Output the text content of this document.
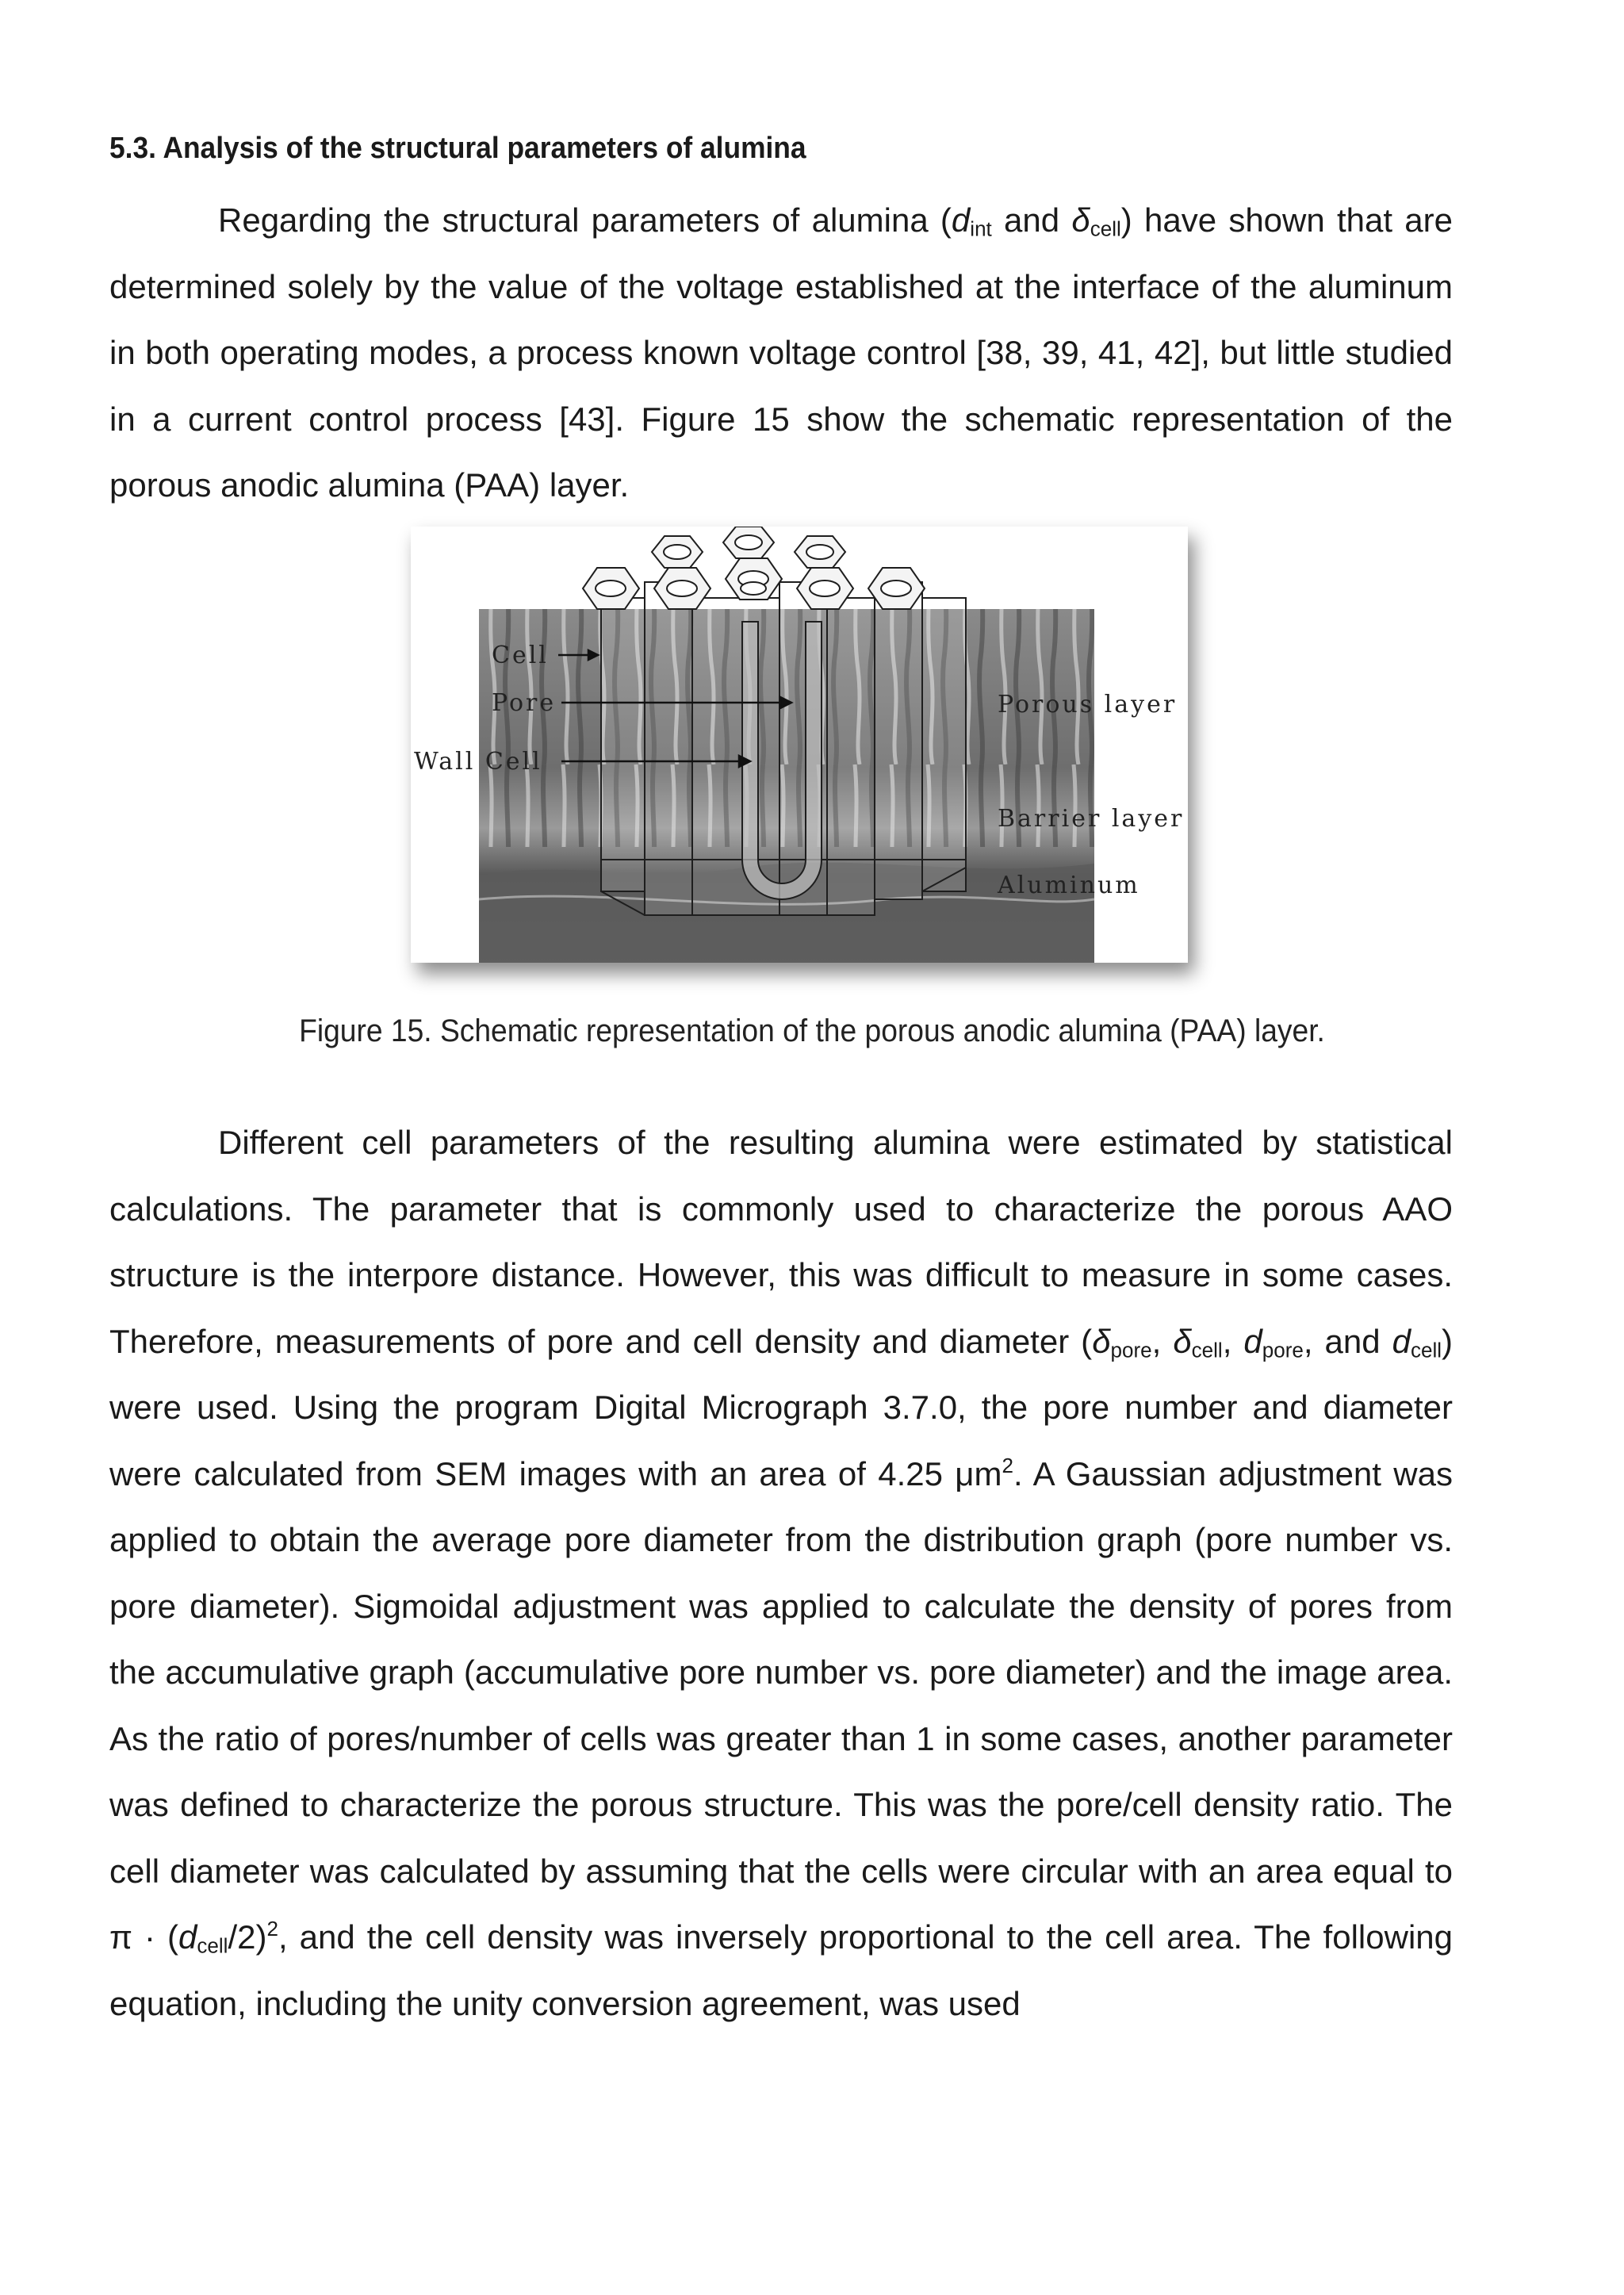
5.3. Analysis of the structural parameters of alumina

Regarding the structural parameters of alumina ($d_{int}$ and $\delta_{cell}$) have shown that are determined solely by the value of the voltage established at the interface of the aluminum in both operating modes, a process known voltage control [38, 39, 41, 42], but little studied in a current control process [43]. Figure 15 show the schematic representation of the porous anodic alumina (PAA) layer.

Cell
Pore
Wall Cell
Porous layer
Barrier layer
Aluminum
Figure 15. Schematic representation of the porous anodic alumina (PAA) layer.

Different cell parameters of the resulting alumina were estimated by statistical calculations. The parameter that is commonly used to characterize the porous AAO structure is the interpore distance. However, this was difficult to measure in some cases. Therefore, measurements of pore and cell density and diameter ($\delta_{pore}$, $\delta_{cell}$, $d_{pore}$, and $d_{cell}$) were used. Using the program Digital Micrograph 3.7.0, the pore number and diameter were calculated from SEM images with an area of 4.25 $\mu m^2$. A Gaussian adjustment was applied to obtain the average pore diameter from the distribution graph (pore number vs. pore diameter). Sigmoidal adjustment was applied to calculate the density of pores from the accumulative graph (accumulative pore number vs. pore diameter) and the image area. As the ratio of pores/number of cells was greater than 1 in some cases, another parameter was defined to characterize the porous structure. This was the pore/cell density ratio. The cell diameter was calculated by assuming that the cells were circular with an area equal to $\pi \cdot (d_{cell}/2)^2$, and the cell density was inversely proportional to the cell area. The following equation, including the unity conversion agreement, was used
